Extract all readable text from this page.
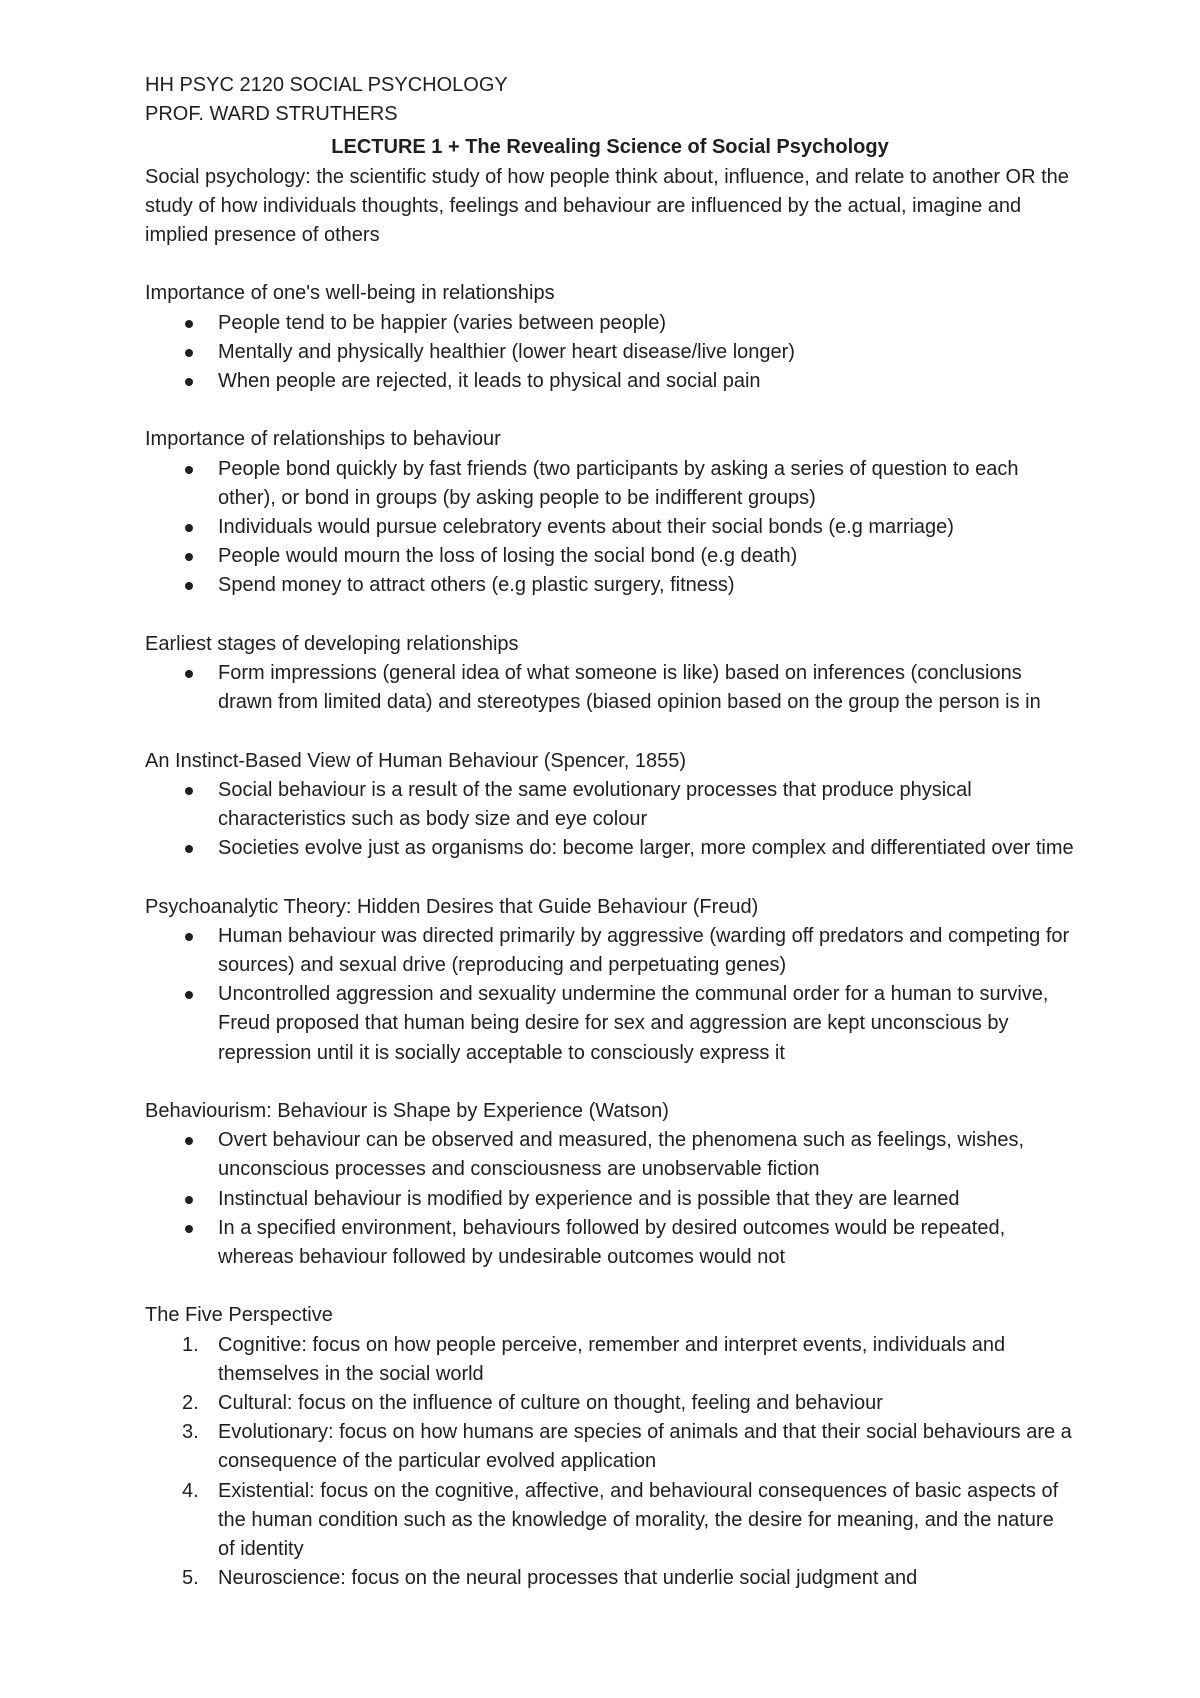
HH PSYC 2120 SOCIAL PSYCHOLOGY

PROF. WARD STRUTHERS

LECTURE 1 + The Revealing Science of Social Psychology

Social psychology: the scientific study of how people think about, influence, and relate to another OR the study of how individuals thoughts, feelings and behaviour are influenced by the actual, imagine and implied presence of others

Importance of one's well-being in relationships

People tend to be happier (varies between people)
Mentally and physically healthier (lower heart disease/live longer)
When people are rejected, it leads to physical and social pain

Importance of relationships to behaviour

People bond quickly by fast friends (two participants by asking a series of question to each other), or bond in groups (by asking people to be indifferent groups)
Individuals would pursue celebratory events about their social bonds (e.g marriage)
People would mourn the loss of losing the social bond (e.g death)
Spend money to attract others (e.g plastic surgery, fitness)

Earliest stages of developing relationships

Form impressions (general idea of what someone is like) based on inferences (conclusions drawn from limited data) and stereotypes (biased opinion based on the group the person is in

An Instinct-Based View of Human Behaviour (Spencer, 1855)

Social behaviour is a result of the same evolutionary processes that produce physical characteristics such as body size and eye colour
Societies evolve just as organisms do: become larger, more complex and differentiated over time

Psychoanalytic Theory: Hidden Desires that Guide Behaviour (Freud)

Human behaviour was directed primarily by aggressive (warding off predators and competing for sources) and sexual drive (reproducing and perpetuating genes)
Uncontrolled aggression and sexuality undermine the communal order for a human to survive, Freud proposed that human being desire for sex and aggression are kept unconscious by repression until it is socially acceptable to consciously express it

Behaviourism: Behaviour is Shape by Experience (Watson)

Overt behaviour can be observed and measured, the phenomena such as feelings, wishes, unconscious processes and consciousness are unobservable fiction
Instinctual behaviour is modified by experience and is possible that they are learned
In a specified environment, behaviours followed by desired outcomes would be repeated, whereas behaviour followed by undesirable outcomes would not

The Five Perspective

1. Cognitive: focus on how people perceive, remember and interpret events, individuals and themselves in the social world
2. Cultural: focus on the influence of culture on thought, feeling and behaviour
3. Evolutionary: focus on how humans are species of animals and that their social behaviours are a consequence of the particular evolved application
4. Existential: focus on the cognitive, affective, and behavioural consequences of basic aspects of the human condition such as the knowledge of morality, the desire for meaning, and the nature of identity
5. Neuroscience: focus on the neural processes that underlie social judgment and
